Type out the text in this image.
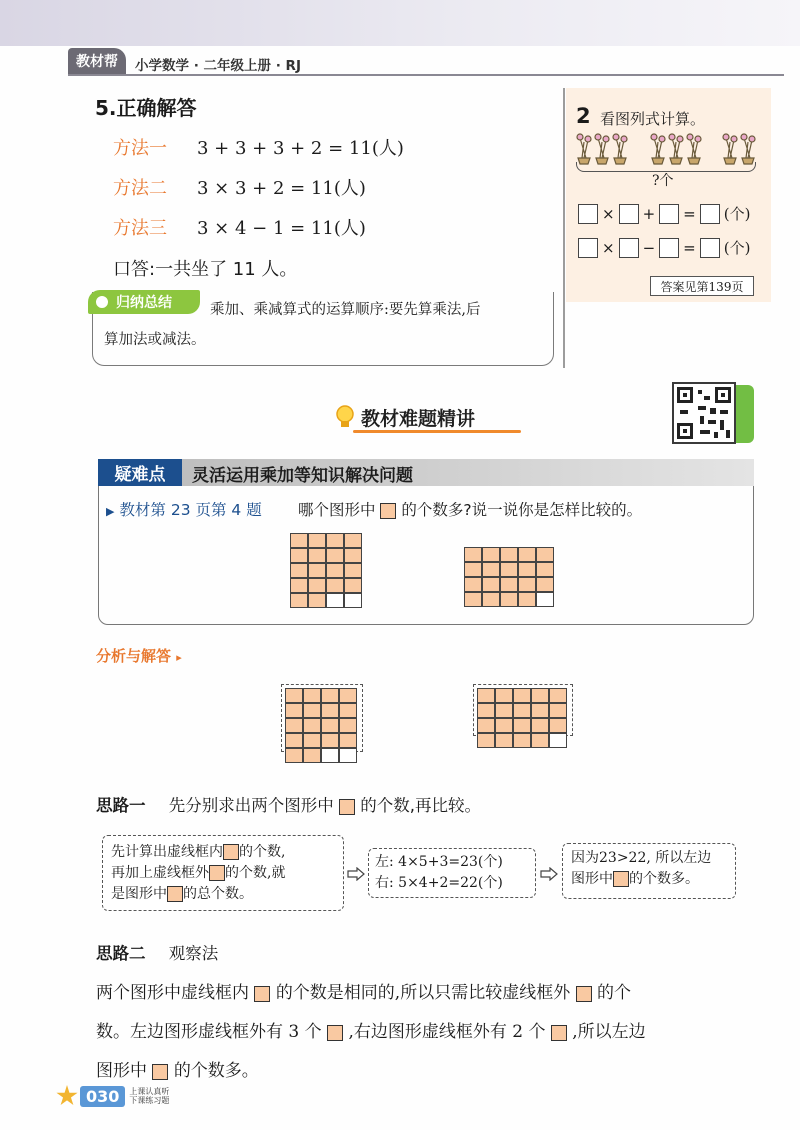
教材帮	小学数学 · 二年级上册 · RJ
5.正确解答
方法一	3 + 3 + 3 + 2 = 11(人)
方法二	3 × 3 + 2 = 11(人)
方法三	3 × 4 − 1 = 11(人)
口答:一共坐了 11 人。
归纳总结	乘加、乘减算式的运算顺序:要先算乘法,后
算加法或减法。
2 看图列式计算。
?个
× + = (个)
× − = (个)
答案见第139页
教材难题精讲
疑难点	灵活运用乘加等知识解决问题
▶ 教材第 23 页第 4 题 哪个图形中 的个数多?说一说你是怎样比较的。
分析与解答 ▸
思路一 先分别求出两个图形中 的个数,再比较。
先计算出虚线框内 的个数,
再加上虚线框外 的个数,就
是图形中 的总个数。
左: 4×5+3=23(个)
右: 5×4+2=22(个)
因为23>22, 所以左边
图形中 的个数多。
思路二 观察法
两个图形中虚线框内 的个数是相同的,所以只需比较虚线框外 的个
数。左边图形虚线框外有 3 个 ,右边图形虚线框外有 2 个 ,所以左边
图形中 的个数多。
030	上课认真听 下课练习题
